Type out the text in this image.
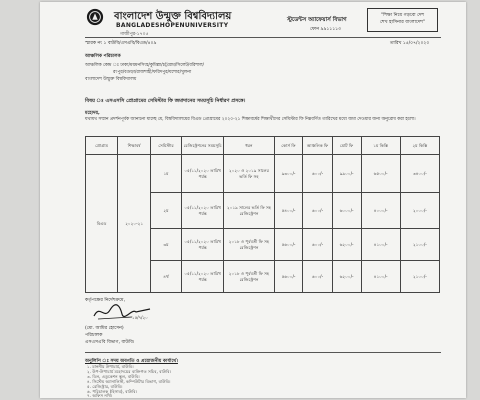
বাংলাদেশ উন্মুক্ত বিশ্ববিদ্যালয়
BANGLADESHOPENUNIVERSITY
গাজীপুর-১৭০৫
স্টুডেন্টস অ্যাফেয়ার্স বিভাগ
ফোন ৯৯১১১১৩
"শিক্ষা নিয়ে গড়বো দেশ
শেখ হাসিনার বাংলাদেশ"
স্মারক নং ১ বাউবি/এসএবি/বিএড/৪০৯	তারিখ ১৫/০৭/২০২০
আঞ্চলিক পরিচালক
আঞ্চলিক কেন্দ্র ঃ ঢাকা/ময়মনসিংহ/কুমিল্লা/চট্টগ্রাম/সিলেট/বরিশাল/
রংপুর/বগুড়া/রাজশাহী/ফরিদপুর/যশোর/খুলনা
বাংলাদেশ উন্মুক্ত বিশ্ববিদ্যালয়
বিষয় ঃ এসএসসি প্রোগ্রামের সেমিস্টার ফি জমাদানের সময়সূচি নির্ধারণ প্রসঙ্গে।
মহোদয়,
যথাযথ সম্মান প্রদর্শনপূর্বক জানানো যাচ্ছে যে, বিশ্ববিদ্যালয়ের বিএড প্রোগ্রামের ২০২০-২১ শিক্ষাবর্ষের শিক্ষার্থীদের সেমিস্টার ফি নিম্নবর্ণিত তারিখের মধ্যে জমা দেওয়ার জন্য অনুরোধ করা হলো।
প্রোগ্রাম	শিক্ষাবর্ষ	সেমিস্টার	রেজিস্ট্রেশনের সময়সূচি	ধরন	কোর্স ফি	আঞ্চলিক ফি	মোট ফি	১ম কিস্তি	২য় কিস্তি
বিএড	২০২০-২১	১ম	০৫/১১/২০২০ তারিখ পর্যন্ত	২০২০ ও ২০১৯ সালের ভর্তি ফি সহ	৯৩০০/-	৬০০/-	৯৯০০/-	৬৫০০/-	৩৪০০/-
		২য়	০৫/১১/২০২০ তারিখ পর্যন্ত	২০১৯ সালের ভর্তি ফি সহ রেজিস্ট্রেশন	৫৪০০/-	৬০০/-	৬০০০/-	৪০০০/-	২০০০/-
		৩য়	০৫/১১/২০২০ তারিখ পর্যন্ত	২০১৮ ও পূর্ববর্তী ফি সহ রেজিস্ট্রেশন	৫৬০০/-	৬০০/-	৬২০০/-	৪১০০/-	২১০০/-
		৪র্থ	০৫/১১/২০২০ তারিখ পর্যন্ত	২০১৮ ও পূর্ববর্তী ফি সহ রেজিস্ট্রেশন	৫৬০০/-	৬০০/-	৬২০০/-	৪১০০/-	২১০০/-
কর্তৃপক্ষের নির্দেশক্রমে,
১৫/৭/২০
(মো. আমির হোসেন)
পরিচালক
এসএসএবি বিভাগ, বাউবি।
অনুলিপি ঃ সদয় অবগতি ও প্রয়োজনীয় কার্যার্থে।
১. মাননীয় উপাচার্য, বাউবি।
২. উপ-উপাচার্য মহোদয়ের ব্যক্তিগত সচিব, বাউবি।
৩. ডিন, এডুকেশন স্কুল, বাউবি।
৪. সিস্টেম অ্যানালিস্ট, কম্পিউটার বিভাগ, বাউবি।
৫. রেজিস্ট্রার, বাউবি।
৬. পরিচালক (হিসাব), বাউবি।
৭. অফিস নথি।
